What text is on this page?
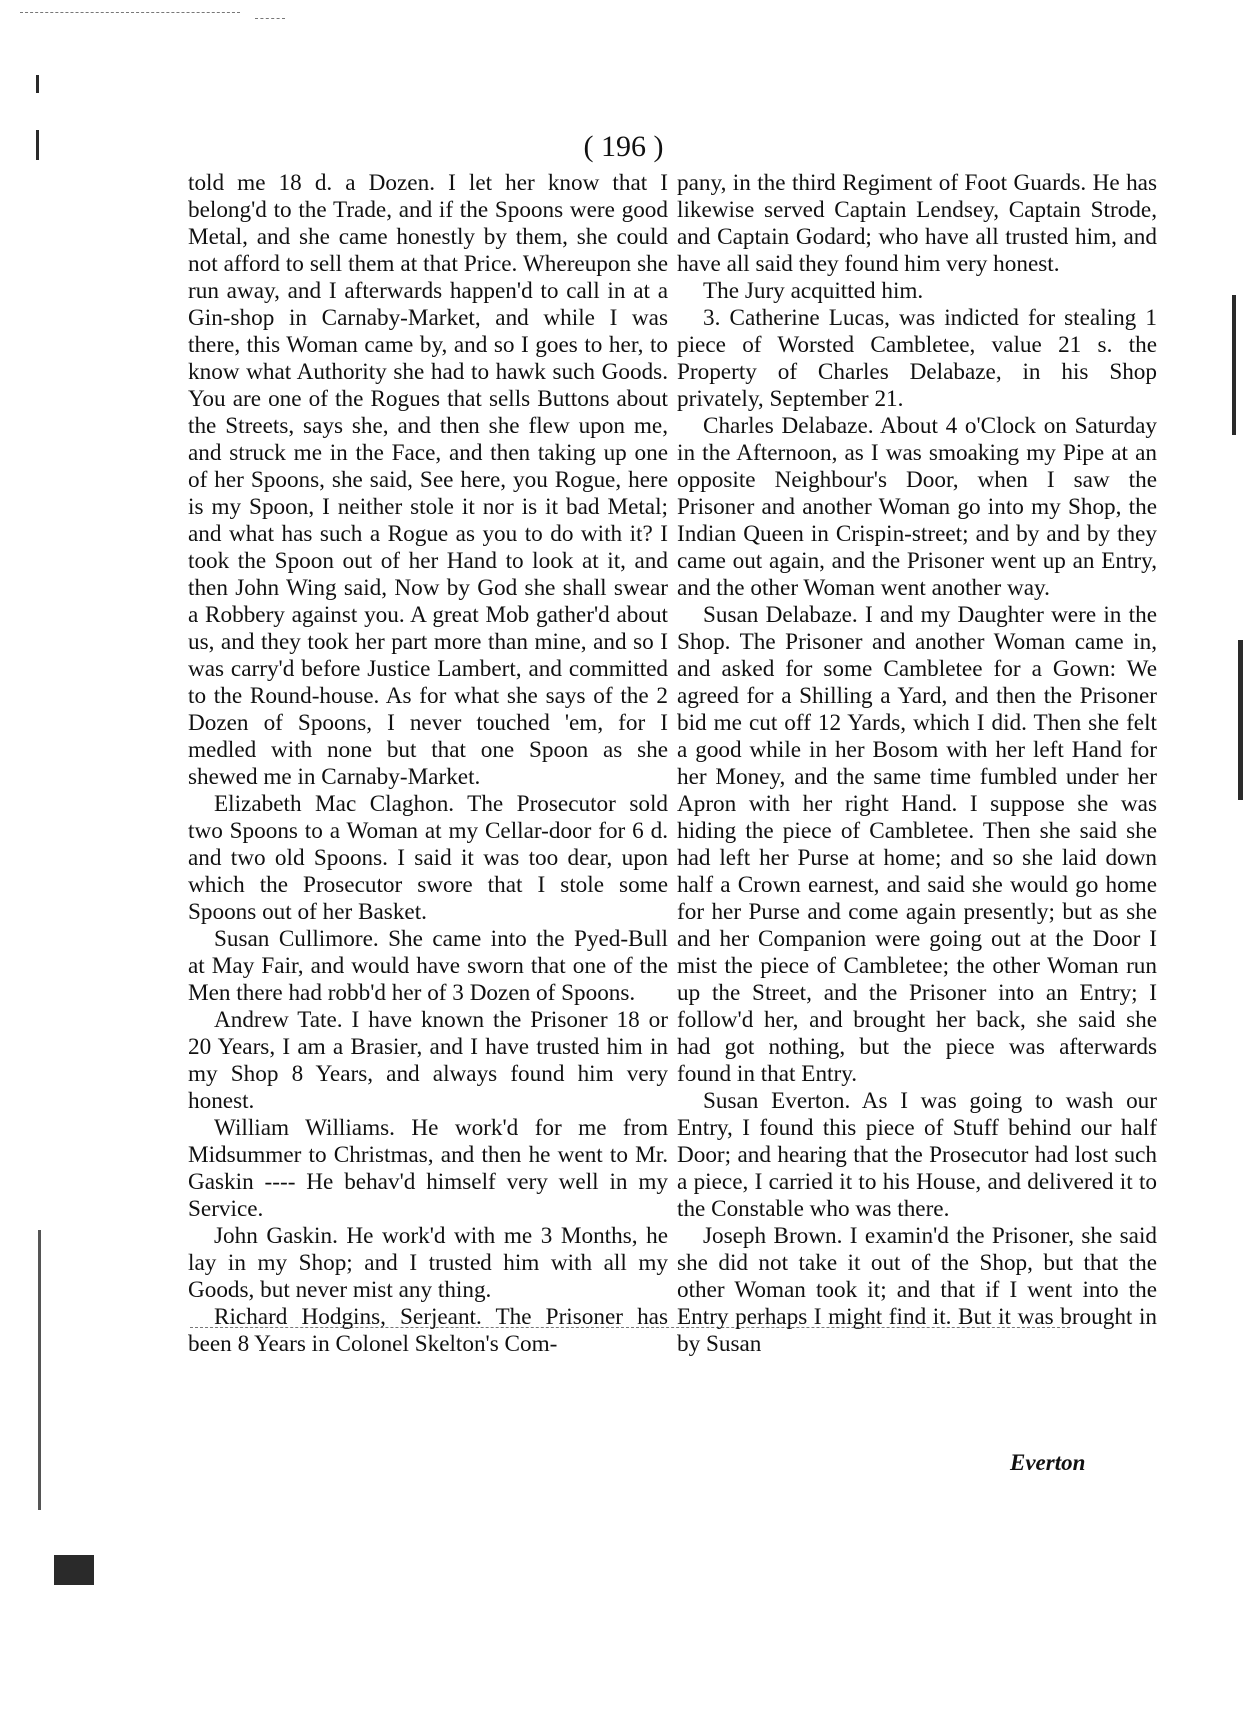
( 196 )

told me 18 d. a Dozen. I let her know that I belong'd to the Trade, and if the Spoons were good Metal, and she came honestly by them, she could not afford to sell them at that Price. Whereupon she run away, and I afterwards happen'd to call in at a Gin-shop in Carnaby-Market, and while I was there, this Woman came by, and so I goes to her, to know what Authority she had to hawk such Goods. You are one of the Rogues that sells Buttons about the Streets, says she, and then she flew upon me, and struck me in the Face, and then taking up one of her Spoons, she said, See here, you Rogue, here is my Spoon, I neither stole it nor is it bad Metal; and what has such a Rogue as you to do with it? I took the Spoon out of her Hand to look at it, and then John Wing said, Now by God she shall swear a Robbery against you. A great Mob gather'd about us, and they took her part more than mine, and so I was carry'd before Justice Lambert, and committed to the Round-house. As for what she says of the 2 Dozen of Spoons, I never touched 'em, for I medled with none but that one Spoon as she shewed me in Carnaby-Market.

Elizabeth Mac Claghon. The Prosecutor sold two Spoons to a Woman at my Cellar-door for 6 d. and two old Spoons. I said it was too dear, upon which the Prosecutor swore that I stole some Spoons out of her Basket.

Susan Cullimore. She came into the Pyed-Bull at May Fair, and would have sworn that one of the Men there had robb'd her of 3 Dozen of Spoons.

Andrew Tate. I have known the Prisoner 18 or 20 Years, I am a Brasier, and I have trusted him in my Shop 8 Years, and always found him very honest.

William Williams. He work'd for me from Midsummer to Christmas, and then he went to Mr. Gaskin ---- He behav'd himself very well in my Service.

John Gaskin. He work'd with me 3 Months, he lay in my Shop; and I trusted him with all my Goods, but never mist any thing.

Richard Hodgins, Serjeant. The Prisoner has been 8 Years in Colonel Skelton's Com-

pany, in the third Regiment of Foot Guards. He has likewise served Captain Lendsey, Captain Strode, and Captain Godard; who have all trusted him, and have all said they found him very honest.

The Jury acquitted him.

3. Catherine Lucas, was indicted for stealing 1 piece of Worsted Cambletee, value 21 s. the Property of Charles Delabaze, in his Shop privately, September 21.

Charles Delabaze. About 4 o'Clock on Saturday in the Afternoon, as I was smoaking my Pipe at an opposite Neighbour's Door, when I saw the Prisoner and another Woman go into my Shop, the Indian Queen in Crispin-street; and by and by they came out again, and the Prisoner went up an Entry, and the other Woman went another way.

Susan Delabaze. I and my Daughter were in the Shop. The Prisoner and another Woman came in, and asked for some Cambletee for a Gown: We agreed for a Shilling a Yard, and then the Prisoner bid me cut off 12 Yards, which I did. Then she felt a good while in her Bosom with her left Hand for her Money, and the same time fumbled under her Apron with her right Hand. I suppose she was hiding the piece of Cambletee. Then she said she had left her Purse at home; and so she laid down half a Crown earnest, and said she would go home for her Purse and come again presently; but as she and her Companion were going out at the Door I mist the piece of Cambletee; the other Woman run up the Street, and the Prisoner into an Entry; I follow'd her, and brought her back, she said she had got nothing, but the piece was afterwards found in that Entry.

Susan Everton. As I was going to wash our Entry, I found this piece of Stuff behind our half Door; and hearing that the Prosecutor had lost such a piece, I carried it to his House, and delivered it to the Constable who was there.

Joseph Brown. I examin'd the Prisoner, she said she did not take it out of the Shop, but that the other Woman took it; and that if I went into the Entry perhaps I might find it. But it was brought in by Susan

Everton
